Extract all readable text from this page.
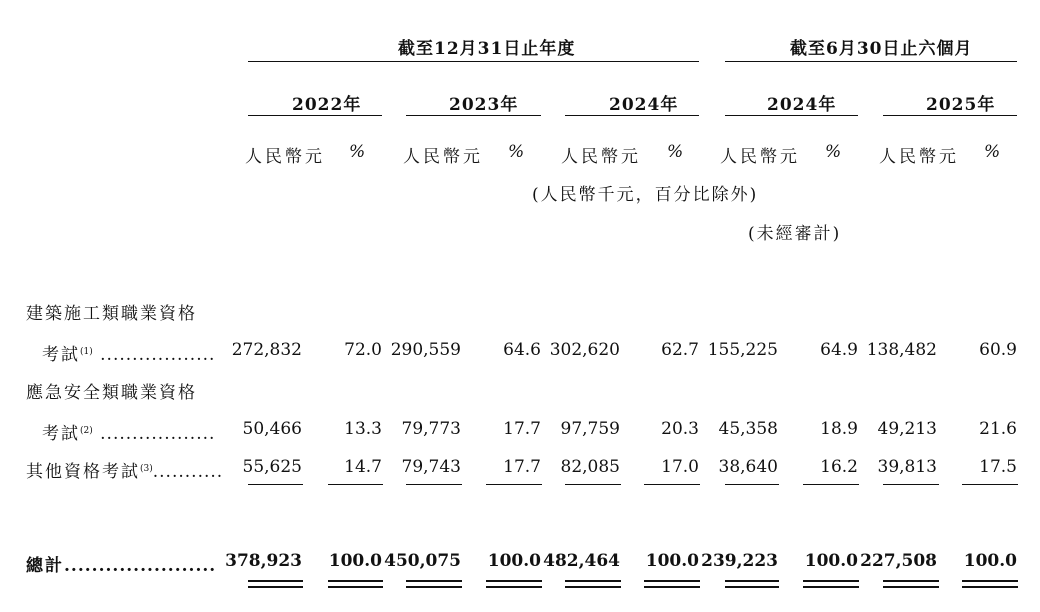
截至12月31日止年度	截至6月30日止六個月
2022年	2023年	2024年	2024年	2025年
人民幣元 % 人民幣元 % 人民幣元 % 人民幣元 % 人民幣元 %
(人民幣千元，百分比除外)
(未經審計)
建築施工類職業資格
考試$^{(1)}$ .................. 272,832 72.0 290,559 64.6 302,620 62.7 155,225 64.9 138,482 60.9
應急安全類職業資格
考試$^{(2)}$ .................. 50,466 13.3 79,773 17.7 97,759 20.3 45,358 18.9 49,213 21.6
其他資格考試$^{(3)}$........... 55,625 14.7 79,743 17.7 82,085 17.0 38,640 16.2 39,813 17.5
總計...................... 378,923 100.0 450,075 100.0 482,464 100.0 239,223 100.0 227,508 100.0
